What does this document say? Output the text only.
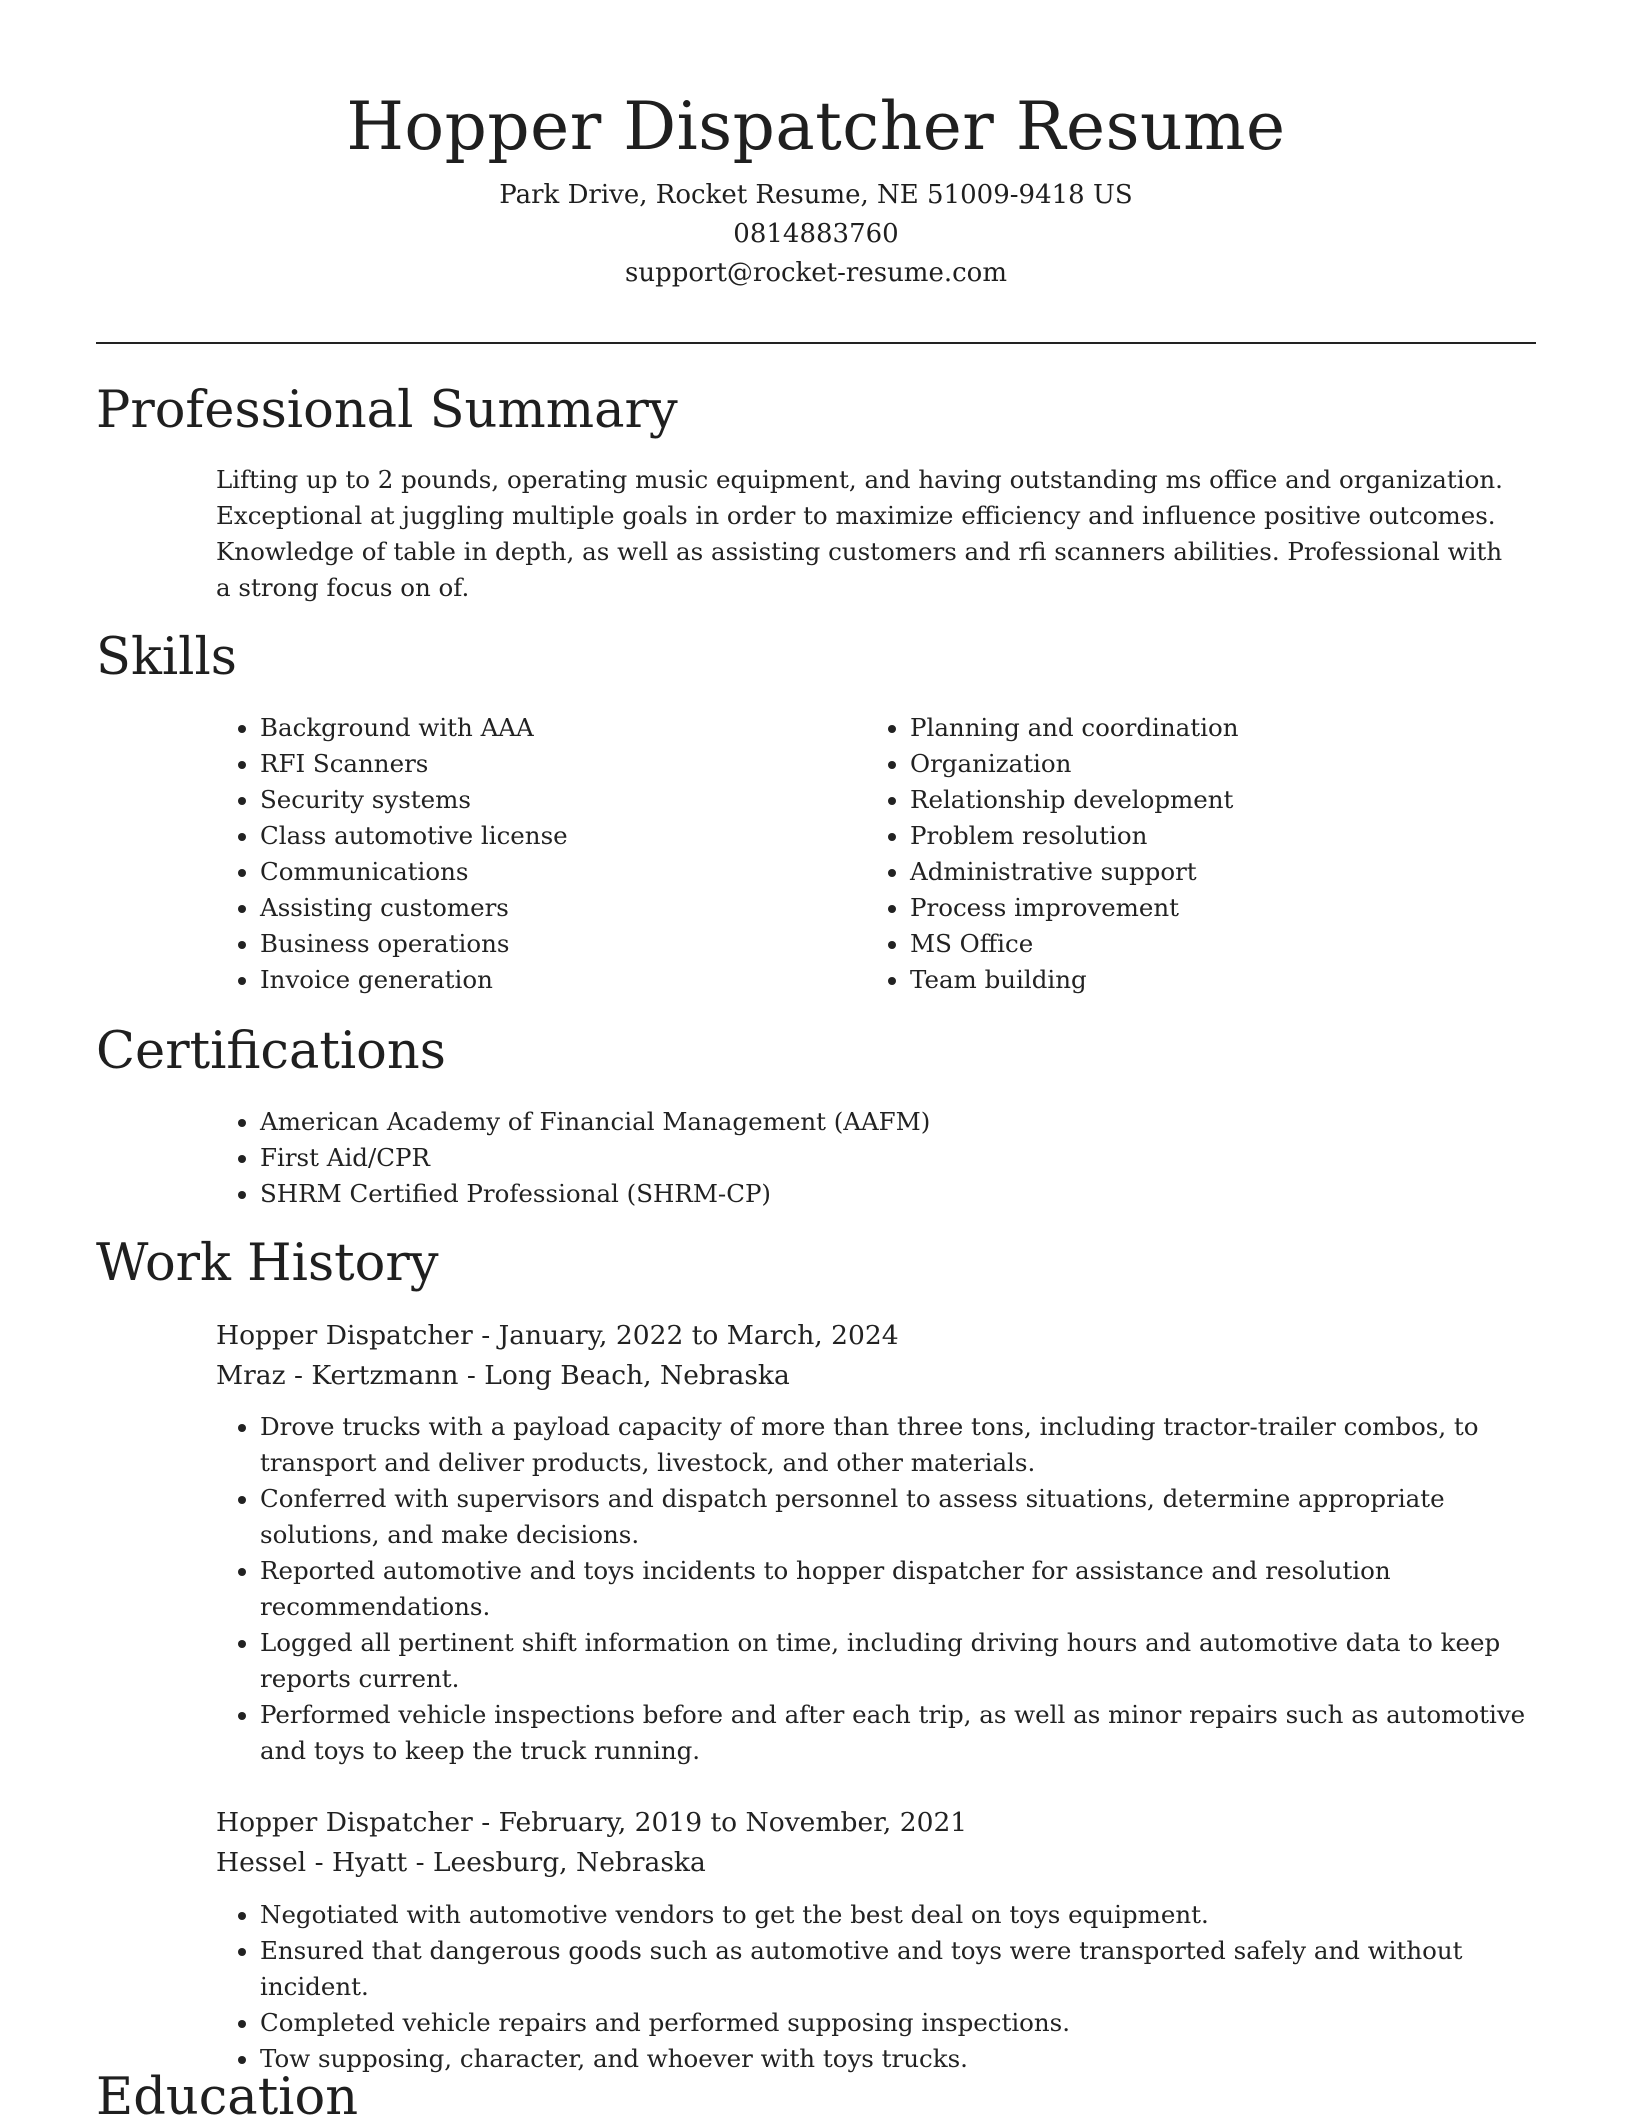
Hopper Dispatcher Resume
Park Drive, Rocket Resume, NE 51009-9418 US
0814883760
support@rocket-resume.com
Professional Summary
Lifting up to 2 pounds, operating music equipment, and having outstanding ms office and organization. Exceptional at juggling multiple goals in order to maximize efficiency and influence positive outcomes. Knowledge of table in depth, as well as assisting customers and rfi scanners abilities. Professional with a strong focus on of.
Skills
• Background with AAA
• RFI Scanners
• Security systems
• Class automotive license
• Communications
• Assisting customers
• Business operations
• Invoice generation
• Planning and coordination
• Organization
• Relationship development
• Problem resolution
• Administrative support
• Process improvement
• MS Office
• Team building
Certifications
• American Academy of Financial Management (AAFM)
• First Aid/CPR
• SHRM Certified Professional (SHRM-CP)
Work History
Hopper Dispatcher - January, 2022 to March, 2024
Mraz - Kertzmann - Long Beach, Nebraska
• Drove trucks with a payload capacity of more than three tons, including tractor-trailer combos, to transport and deliver products, livestock, and other materials.
• Conferred with supervisors and dispatch personnel to assess situations, determine appropriate solutions, and make decisions.
• Reported automotive and toys incidents to hopper dispatcher for assistance and resolution recommendations.
• Logged all pertinent shift information on time, including driving hours and automotive data to keep reports current.
• Performed vehicle inspections before and after each trip, as well as minor repairs such as automotive and toys to keep the truck running.
Hopper Dispatcher - February, 2019 to November, 2021
Hessel - Hyatt - Leesburg, Nebraska
• Negotiated with automotive vendors to get the best deal on toys equipment.
• Ensured that dangerous goods such as automotive and toys were transported safely and without incident.
• Completed vehicle repairs and performed supposing inspections.
• Tow supposing, character, and whoever with toys trucks.
Education
